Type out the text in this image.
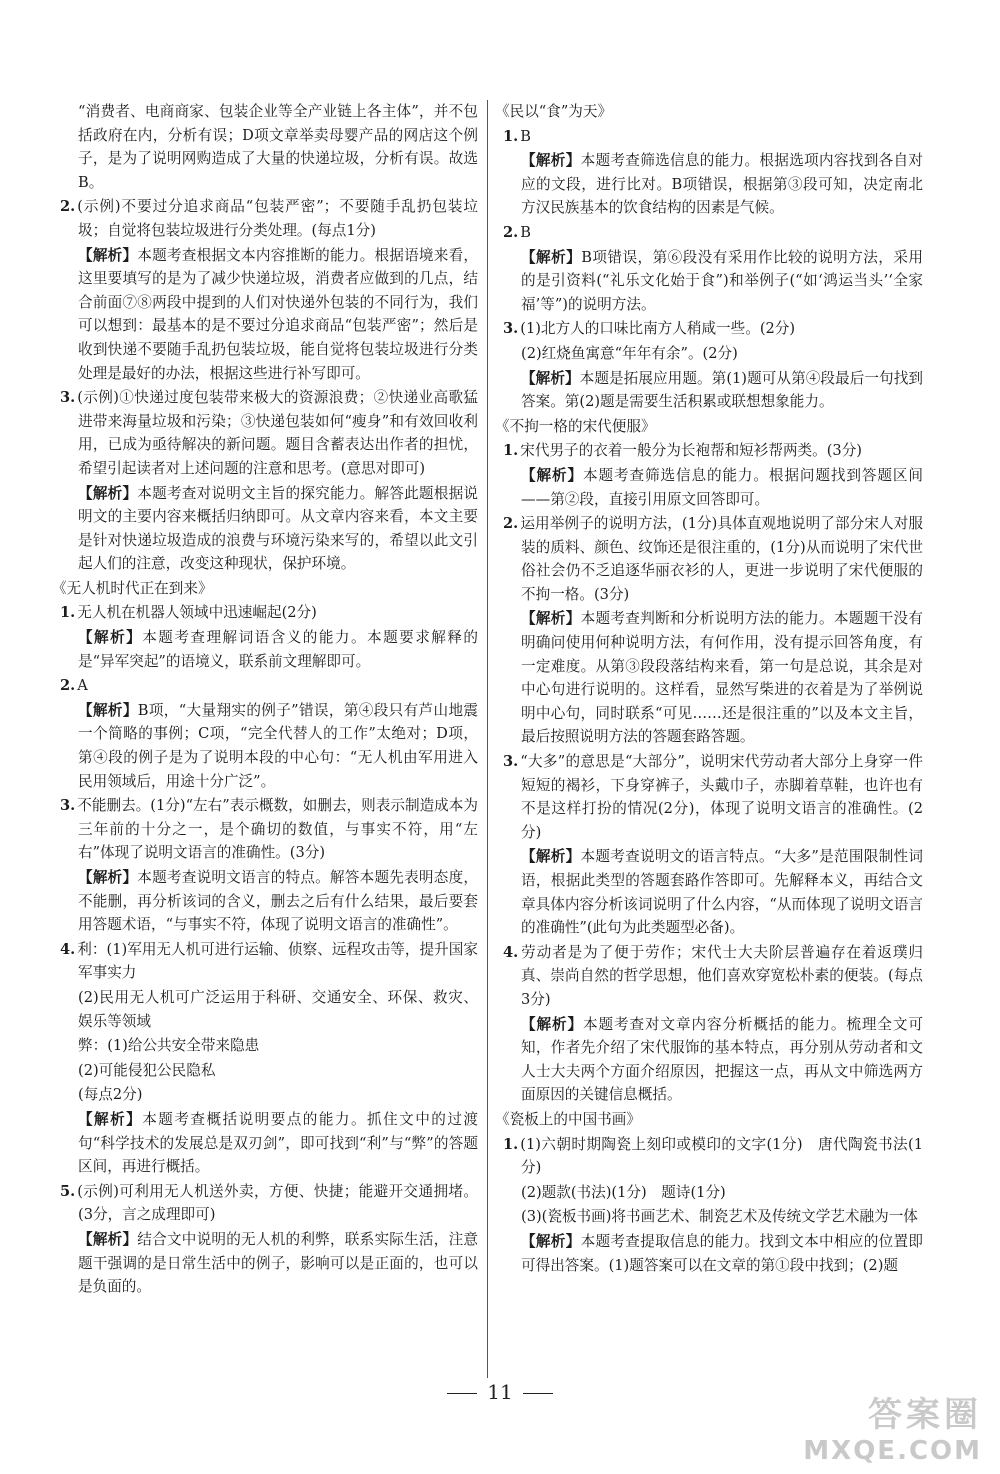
“消费者、电商商家、包装企业等全产业链上各主体”，并不包括政府在内，分析有误；D项文章举卖母婴产品的网店这个例子，是为了说明网购造成了大量的快递垃圾，分析有误。故选B。

2. (示例)不要过分追求商品“包装严密”；不要随手乱扔包装垃圾；自觉将包装垃圾进行分类处理。(每点1分)

【解析】本题考查根据文本内容推断的能力。根据语境来看，这里要填写的是为了减少快递垃圾，消费者应做到的几点，结合前面⑦⑧两段中提到的人们对快递外包装的不同行为，我们可以想到：最基本的是不要过分追求商品“包装严密”；然后是收到快递不要随手乱扔包装垃圾，能自觉将包装垃圾进行分类处理是最好的办法，根据这些进行补写即可。

3. (示例)①快递过度包装带来极大的资源浪费；②快递业高歌猛进带来海量垃圾和污染；③快递包装如何“瘦身”和有效回收利用，已成为亟待解决的新问题。题目含蓄表达出作者的担忧，希望引起读者对上述问题的注意和思考。(意思对即可)

【解析】本题考查对说明文主旨的探究能力。解答此题根据说明文的主要内容来概括归纳即可。从文章内容来看，本文主要是针对快递垃圾造成的浪费与环境污染来写的，希望以此文引起人们的注意，改变这种现状，保护环境。

《无人机时代正在到来》

1. 无人机在机器人领域中迅速崛起(2分)

【解析】本题考查理解词语含义的能力。本题要求解释的是“异军突起”的语境义，联系前文理解即可。

2. A

【解析】B项，“大量翔实的例子”错误，第④段只有芦山地震一个简略的事例；C项，“完全代替人的工作”太绝对；D项，第④段的例子是为了说明本段的中心句：“无人机由军用进入民用领域后，用途十分广泛”。

3. 不能删去。(1分)“左右”表示概数，如删去，则表示制造成本为三年前的十分之一，是个确切的数值，与事实不符，用“左右”体现了说明文语言的准确性。(3分)

【解析】本题考查说明文语言的特点。解答本题先表明态度，不能删，再分析该词的含义，删去之后有什么结果，最后要套用答题术语，“与事实不符，体现了说明文语言的准确性”。

4. 利：(1)军用无人机可进行运输、侦察、远程攻击等，提升国家军事实力

(2)民用无人机可广泛运用于科研、交通安全、环保、救灾、娱乐等领域

弊：(1)给公共安全带来隐患

(2)可能侵犯公民隐私

(每点2分)

【解析】本题考查概括说明要点的能力。抓住文中的过渡句“科学技术的发展总是双刃剑”，即可找到“利”与“弊”的答题区间，再进行概括。

5. (示例)可利用无人机送外卖，方便、快捷；能避开交通拥堵。(3分，言之成理即可)

【解析】结合文中说明的无人机的利弊，联系实际生活，注意题干强调的是日常生活中的例子，影响可以是正面的，也可以是负面的。

《民以“食”为天》

1. B

【解析】本题考查筛选信息的能力。根据选项内容找到各自对应的文段，进行比对。B项错误，根据第③段可知，决定南北方汉民族基本的饮食结构的因素是气候。

2. B

【解析】B项错误，第⑥段没有采用作比较的说明方法，采用的是引资料(“礼乐文化始于食”)和举例子(“如‘鸿运当头’‘全家福’等”)的说明方法。

3. (1)北方人的口味比南方人稍咸一些。(2分)

(2)红烧鱼寓意“年年有余”。(2分)

【解析】本题是拓展应用题。第(1)题可从第④段最后一句找到答案。第(2)题是需要生活积累或联想想象能力。

《不拘一格的宋代便服》

1. 宋代男子的衣着一般分为长袍帮和短衫帮两类。(3分)

【解析】本题考查筛选信息的能力。根据问题找到答题区间——第②段，直接引用原文回答即可。

2. 运用举例子的说明方法，(1分)具体直观地说明了部分宋人对服装的质料、颜色、纹饰还是很注重的，(1分)从而说明了宋代世俗社会仍不乏追逐华丽衣衫的人，更进一步说明了宋代便服的不拘一格。(3分)

【解析】本题考查判断和分析说明方法的能力。本题题干没有明确问使用何种说明方法，有何作用，没有提示回答角度，有一定难度。从第③段段落结构来看，第一句是总说，其余是对中心句进行说明的。这样看，显然写柴进的衣着是为了举例说明中心句，同时联系“可见……还是很注重的”以及本文主旨，最后按照说明方法的答题套路答题。

3. “大多”的意思是“大部分”，说明宋代劳动者大部分上身穿一件短短的褐衫，下身穿裤子，头戴巾子，赤脚着草鞋，也许也有不是这样打扮的情况(2分)，体现了说明文语言的准确性。(2分)

【解析】本题考查说明文的语言特点。“大多”是范围限制性词语，根据此类型的答题套路作答即可。先解释本义，再结合文章具体内容分析该词说明了什么内容，“从而体现了说明文语言的准确性”(此句为此类题型必备)。

4. 劳动者是为了便于劳作；宋代士大夫阶层普遍存在着返璞归真、崇尚自然的哲学思想，他们喜欢穿宽松朴素的便装。(每点3分)

【解析】本题考查对文章内容分析概括的能力。梳理全文可知，作者先介绍了宋代服饰的基本特点，再分别从劳动者和文人士大夫两个方面介绍原因，把握这一点，再从文中筛选两方面原因的关键信息概括。

《瓷板上的中国书画》

1. (1)六朝时期陶瓷上刻印或模印的文字(1分)　唐代陶瓷书法(1分)

(2)题款(书法)(1分)　题诗(1分)

(3)(瓷板书画)将书画艺术、制瓷艺术及传统文学艺术融为一体

【解析】本题考查提取信息的能力。找到文本中相应的位置即可得出答案。(1)题答案可以在文章的第①段中找到；(2)题

11
答案圈
MXQE.COM
